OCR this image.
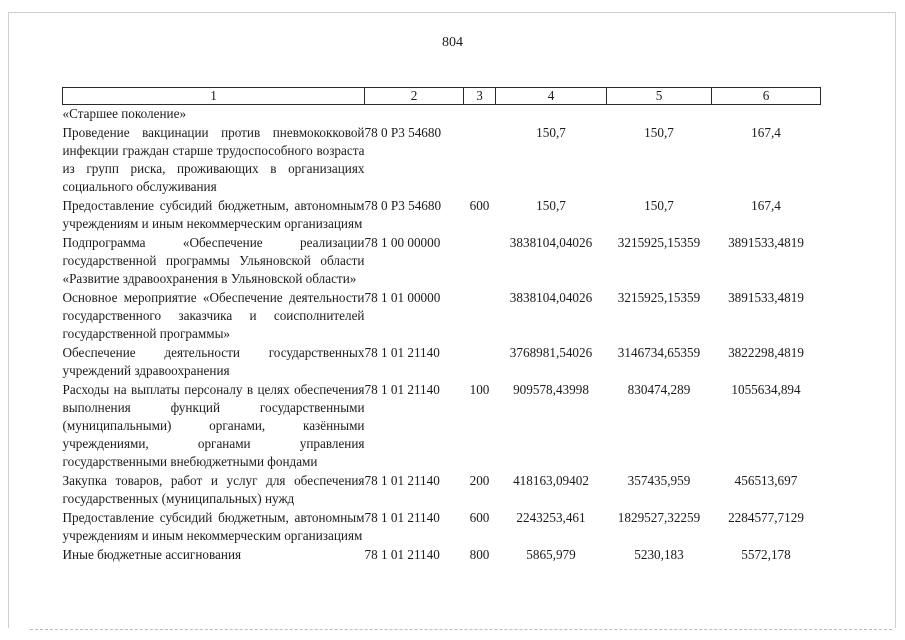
804
1	2	3	4	5	6
«Старшее поколение»					
Проведение вакцинации против пневмококковой инфекции граждан старше трудоспособного возраста из групп риска, проживающих в организациях социального обслуживания	78 0 P3 54680		150,7	150,7	167,4
Предоставление субсидий бюджетным, автономным учреждениям и иным некоммерческим организациям	78 0 P3 54680	600	150,7	150,7	167,4
Подпрограмма «Обеспечение реализации государственной программы Ульяновской области «Развитие здравоохранения в Ульяновской области»	78 1 00 00000		3838104,04026	3215925,15359	3891533,4819
Основное мероприятие «Обеспечение деятельности государственного заказчика и соисполнителей государственной программы»	78 1 01 00000		3838104,04026	3215925,15359	3891533,4819
Обеспечение деятельности государственных учреждений здравоохранения	78 1 01 21140		3768981,54026	3146734,65359	3822298,4819
Расходы на выплаты персоналу в целях обеспечения выполнения функций государственными (муниципальными) органами, казёнными учреждениями, органами управления государственными внебюджетными фондами	78 1 01 21140	100	909578,43998	830474,289	1055634,894
Закупка товаров, работ и услуг для обеспечения государственных (муниципальных) нужд	78 1 01 21140	200	418163,09402	357435,959	456513,697
Предоставление субсидий бюджетным, автономным учреждениям и иным некоммерческим организациям	78 1 01 21140	600	2243253,461	1829527,32259	2284577,7129
Иные бюджетные ассигнования	78 1 01 21140	800	5865,979	5230,183	5572,178
